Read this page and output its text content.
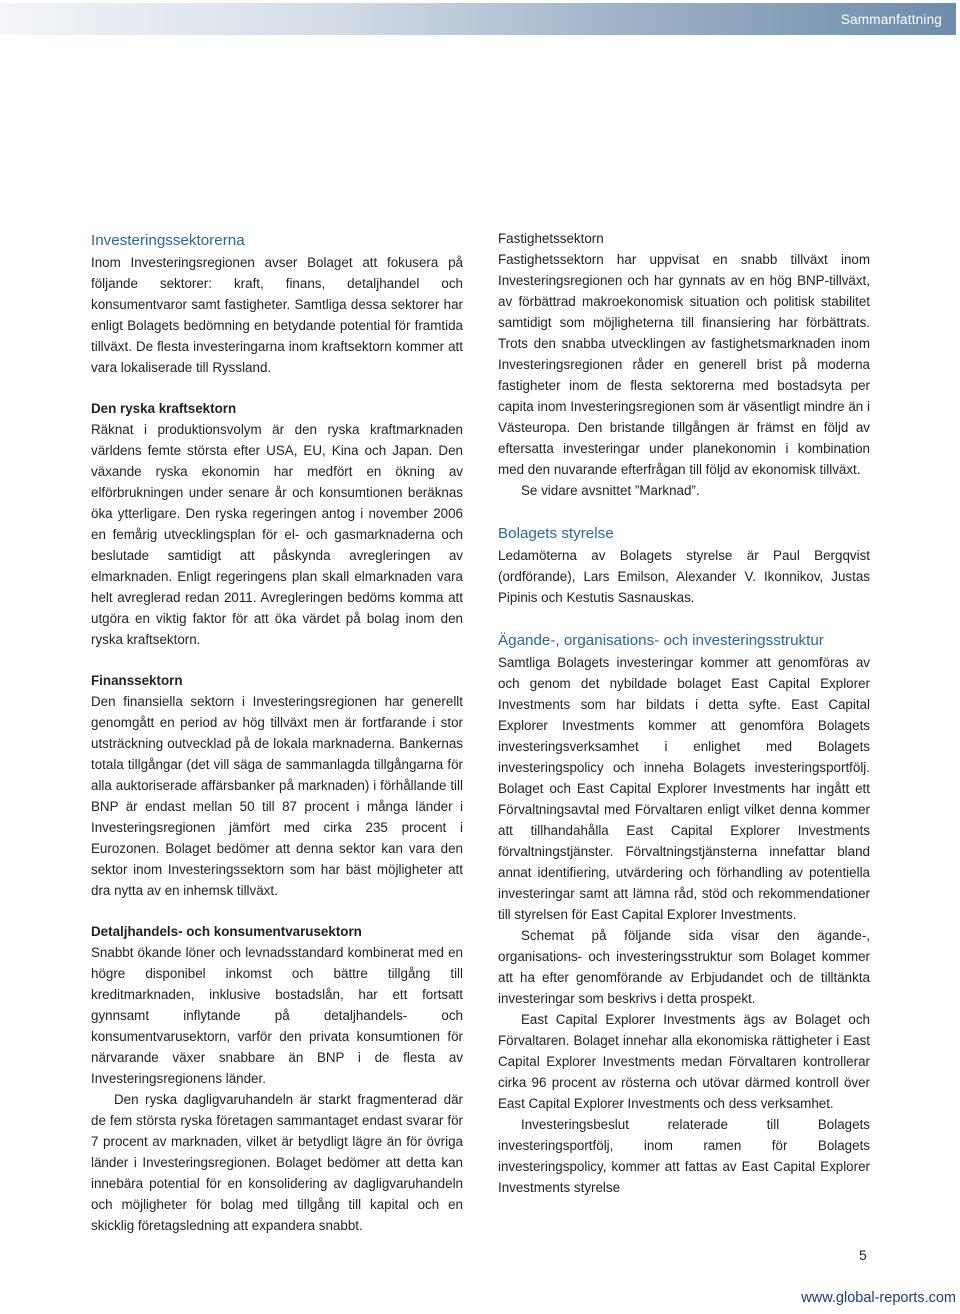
Sammanfattning
Investeringssektorerna

Inom Investeringsregionen avser Bolaget att fokusera på följande sektorer: kraft, finans, detaljhandel och konsumentvaror samt fastigheter. Samtliga dessa sektorer har enligt Bolagets bedömning en betydande potential för framtida tillväxt. De flesta investeringarna inom kraftsektorn kommer att vara lokaliserade till Ryssland.

Den ryska kraftsektorn

Räknat i produktionsvolym är den ryska kraftmarknaden världens femte största efter USA, EU, Kina och Japan. Den växande ryska ekonomin har medfört en ökning av elförbrukningen under senare år och konsumtionen beräknas öka ytterligare. Den ryska regeringen antog i november 2006 en femårig utvecklingsplan för el- och gasmarknaderna och beslutade samtidigt att påskynda avregleringen av elmarknaden. Enligt regeringens plan skall elmarknaden vara helt avreglerad redan 2011. Avregleringen bedöms komma att utgöra en viktig faktor för att öka värdet på bolag inom den ryska kraftsektorn.

Finanssektorn

Den finansiella sektorn i Investeringsregionen har generellt genomgått en period av hög tillväxt men är fortfarande i stor utsträckning outvecklad på de lokala marknaderna. Bankernas totala tillgångar (det vill säga de sammanlagda tillgångarna för alla auktoriserade affärsbanker på marknaden) i förhållande till BNP är endast mellan 50 till 87 procent i många länder i Investeringsregionen jämfört med cirka 235 procent i Eurozonen. Bolaget bedömer att denna sektor kan vara den sektor inom Investeringssektorn som har bäst möjligheter att dra nytta av en inhemsk tillväxt.

Detaljhandels- och konsumentvarusektorn

Snabbt ökande löner och levnadsstandard kombinerat med en högre disponibel inkomst och bättre tillgång till kreditmarknaden, inklusive bostadslån, har ett fortsatt gynnsamt inflytande på detaljhandels- och konsumentvarusektorn, varför den privata konsumtionen för närvarande växer snabbare än BNP i de flesta av Investeringsregionens länder.

Den ryska dagligvaruhandeln är starkt fragmenterad där de fem största ryska företagen sammantaget endast svarar för 7 procent av marknaden, vilket är betydligt lägre än för övriga länder i Investeringsregionen. Bolaget bedömer att detta kan innebära potential för en konsolidering av dagligvaruhandeln och möjligheter för bolag med tillgång till kapital och en skicklig företagsledning att expandera snabbt.

Fastighetssektorn

Fastighetssektorn har uppvisat en snabb tillväxt inom Investeringsregionen och har gynnats av en hög BNP-tillväxt, av förbättrad makroekonomisk situation och politisk stabilitet samtidigt som möjligheterna till finansiering har förbättrats. Trots den snabba utvecklingen av fastighetsmarknaden inom Investeringsregionen råder en generell brist på moderna fastigheter inom de flesta sektorerna med bostadsyta per capita inom Investeringsregionen som är väsentligt mindre än i Västeuropa. Den bristande tillgången är främst en följd av eftersatta investeringar under planekonomin i kombination med den nuvarande efterfrågan till följd av ekonomisk tillväxt.

Se vidare avsnittet ”Marknad”.

Bolagets styrelse

Ledamöterna av Bolagets styrelse är Paul Bergqvist (ordförande), Lars Emilson, Alexander V. Ikonnikov, Justas Pipinis och Kestutis Sasnauskas.

Ägande-, organisations- och investeringsstruktur

Samtliga Bolagets investeringar kommer att genomföras av och genom det nybildade bolaget East Capital Explorer Investments som har bildats i detta syfte. East Capital Explorer Investments kommer att genomföra Bolagets investeringsverksamhet i enlighet med Bolagets investeringspolicy och inneha Bolagets investeringsportfölj. Bolaget och East Capital Explorer Investments har ingått ett Förvaltningsavtal med Förvaltaren enligt vilket denna kommer att tillhandahålla East Capital Explorer Investments förvaltningstjänster. Förvaltningstjänsterna innefattar bland annat identifiering, utvärdering och förhandling av potentiella investeringar samt att lämna råd, stöd och rekommendationer till styrelsen för East Capital Explorer Investments.

Schemat på följande sida visar den ägande-, organisations- och investeringsstruktur som Bolaget kommer att ha efter genomförande av Erbjudandet och de tilltänkta investeringar som beskrivs i detta prospekt.

East Capital Explorer Investments ägs av Bolaget och Förvaltaren. Bolaget innehar alla ekonomiska rättigheter i East Capital Explorer Investments medan Förvaltaren kontrollerar cirka 96 procent av rösterna och utövar därmed kontroll över East Capital Explorer Investments och dess verksamhet.

Investeringsbeslut relaterade till Bolagets investeringsportfölj, inom ramen för Bolagets investeringspolicy, kommer att fattas av East Capital Explorer Investments styrelse

5
www.global-reports.com
